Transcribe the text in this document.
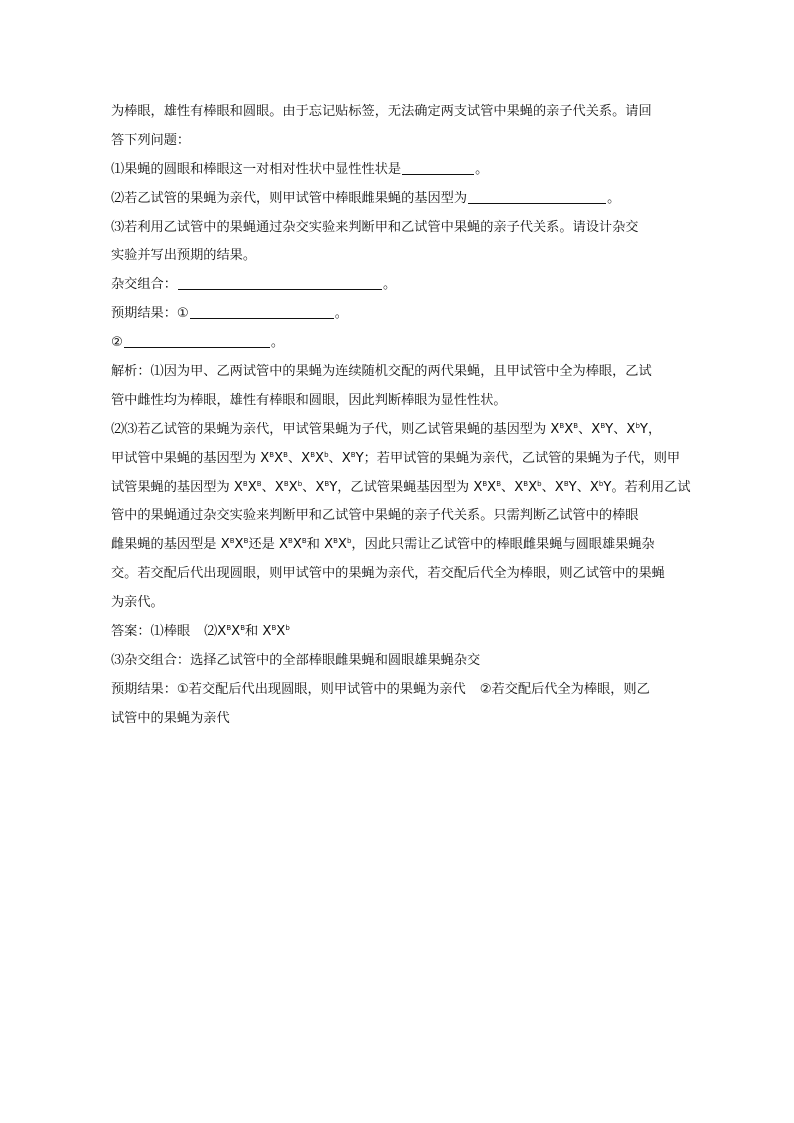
为棒眼，雄性有棒眼和圆眼。由于忘记贴标签，无法确定两支试管中果蝇的亲子代关系。请回
答下列问题：
⑴果蝇的圆眼和棒眼这一对相对性状中显性性状是	。
⑵若乙试管的果蝇为亲代，则甲试管中棒眼雌果蝇的基因型为	。
⑶若利用乙试管中的果蝇通过杂交实验来判断甲和乙试管中果蝇的亲子代关系。请设计杂交
实验并写出预期的结果。
杂交组合：	。
预期结果：①	。
②	。
解析：⑴因为甲、乙两试管中的果蝇为连续随机交配的两代果蝇，且甲试管中全为棒眼，乙试
管中雌性均为棒眼，雄性有棒眼和圆眼，因此判断棒眼为显性性状。
⑵⑶若乙试管的果蝇为亲代，甲试管果蝇为子代，则乙试管果蝇的基因型为 $X^BX^B$、$X^BY$、$X^bY$，
甲试管中果蝇的基因型为 $X^BX^B$、$X^BX^b$、$X^BY$；若甲试管的果蝇为亲代，乙试管的果蝇为子代，则甲
试管果蝇的基因型为 $X^BX^B$、$X^BX^b$、$X^BY$，乙试管果蝇基因型为 $X^BX^B$、$X^BX^b$、$X^BY$、$X^bY$。若利用乙试
管中的果蝇通过杂交实验来判断甲和乙试管中果蝇的亲子代关系。只需判断乙试管中的棒眼
雌果蝇的基因型是 $X^BX^B$还是 $X^BX^B$和 $X^BX^b$，因此只需让乙试管中的棒眼雌果蝇与圆眼雄果蝇杂
交。若交配后代出现圆眼，则甲试管中的果蝇为亲代，若交配后代全为棒眼，则乙试管中的果蝇
为亲代。
答案：⑴棒眼 $⑵X^BX^B$和 $X^BX^b$
⑶杂交组合：选择乙试管中的全部棒眼雌果蝇和圆眼雄果蝇杂交
预期结果：①若交配后代出现圆眼，则甲试管中的果蝇为亲代 ②若交配后代全为棒眼，则乙
试管中的果蝇为亲代
